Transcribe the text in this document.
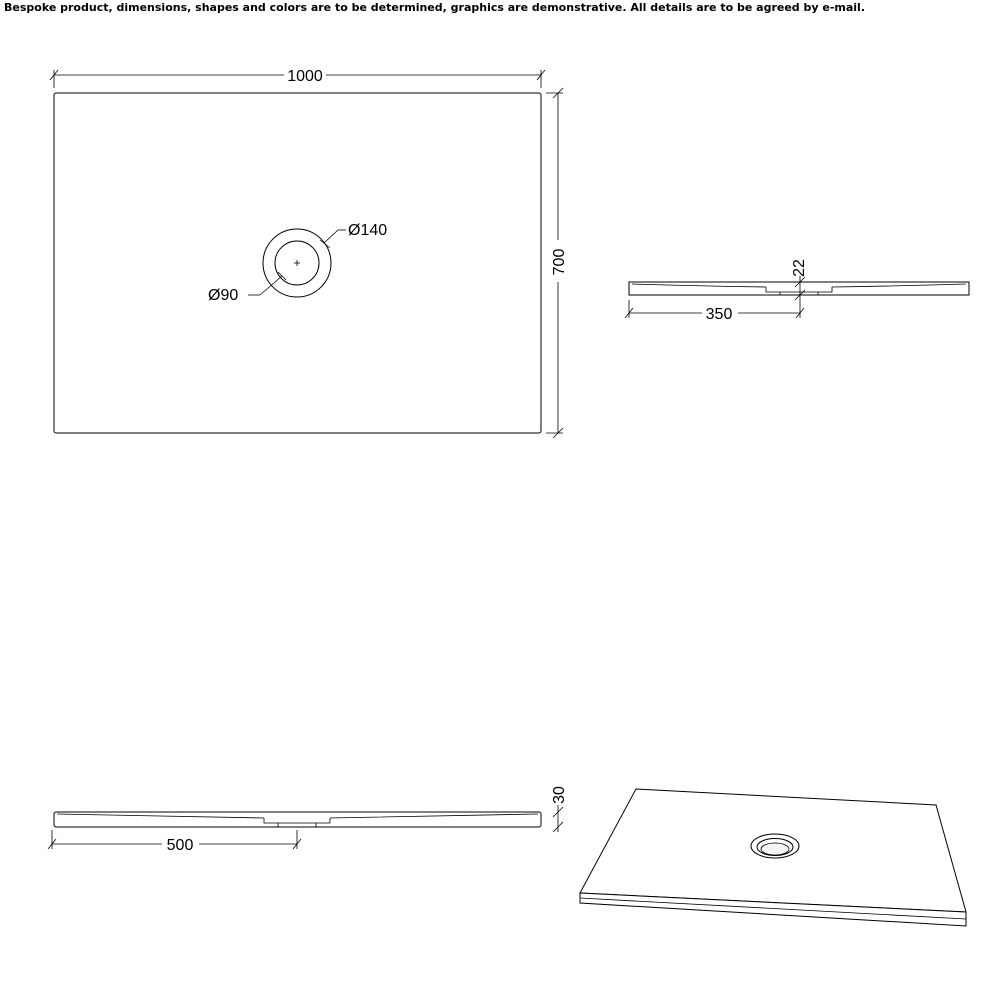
Bespoke product, dimensions, shapes and colors are to be determined, graphics are demonstrative. All details are to be agreed by e-mail.
1000
700
Ø140
Ø90
22
350
30
500
